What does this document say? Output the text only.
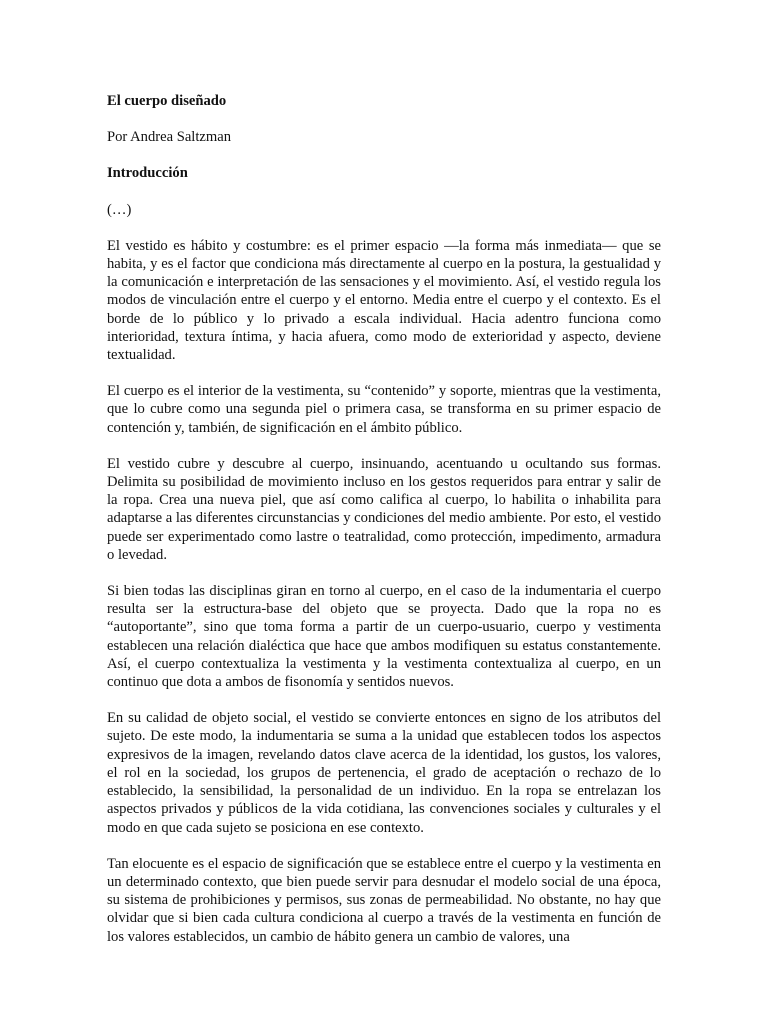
El cuerpo diseñado
Por Andrea Saltzman
Introducción
(…)

El vestido es hábito y costumbre: es el primer espacio —la forma más inmediata— que se habita, y es el factor que condiciona más directamente al cuerpo en la postura, la gestualidad y la comunicación e interpretación de las sensaciones y el movimiento. Así, el vestido regula los modos de vinculación entre el cuerpo y el entorno. Media entre el cuerpo y el contexto. Es el borde de lo público y lo privado a escala individual. Hacia adentro funciona como interioridad, textura íntima, y hacia afuera, como modo de exterioridad y aspecto, deviene textualidad.

El cuerpo es el interior de la vestimenta, su “contenido” y soporte, mientras que la vestimenta, que lo cubre como una segunda piel o primera casa, se transforma en su primer espacio de contención y, también, de significación en el ámbito público.

El vestido cubre y descubre al cuerpo, insinuando, acentuando u ocultando sus formas. Delimita su posibilidad de movimiento incluso en los gestos requeridos para entrar y salir de la ropa. Crea una nueva piel, que así como califica al cuerpo, lo habilita o inhabilita para adaptarse a las diferentes circunstancias y condiciones del medio ambiente. Por esto, el vestido puede ser experimentado como lastre o teatralidad, como protección, impedimento, armadura o levedad.

Si bien todas las disciplinas giran en torno al cuerpo, en el caso de la indumentaria el cuerpo resulta ser la estructura-base del objeto que se proyecta. Dado que la ropa no es “autoportante”, sino que toma forma a partir de un cuerpo-usuario, cuerpo y vestimenta establecen una relación dialéctica que hace que ambos modifiquen su estatus constantemente. Así, el cuerpo contextualiza la vestimenta y la vestimenta contextualiza al cuerpo, en un continuo que dota a ambos de fisonomía y sentidos nuevos.

En su calidad de objeto social, el vestido se convierte entonces en signo de los atributos del sujeto. De este modo, la indumentaria se suma a la unidad que establecen todos los aspectos expresivos de la imagen, revelando datos clave acerca de la identidad, los gustos, los valores, el rol en la sociedad, los grupos de pertenencia, el grado de aceptación o rechazo de lo establecido, la sensibilidad, la personalidad de un individuo. En la ropa se entrelazan los aspectos privados y públicos de la vida cotidiana, las convenciones sociales y culturales y el modo en que cada sujeto se posiciona en ese contexto.

Tan elocuente es el espacio de significación que se establece entre el cuerpo y la vestimenta en un determinado contexto, que bien puede servir para desnudar el modelo social de una época, su sistema de prohibiciones y permisos, sus zonas de permeabilidad. No obstante, no hay que olvidar que si bien cada cultura condiciona al cuerpo a través de la vestimenta en función de los valores establecidos, un cambio de hábito genera un cambio de valores, una
